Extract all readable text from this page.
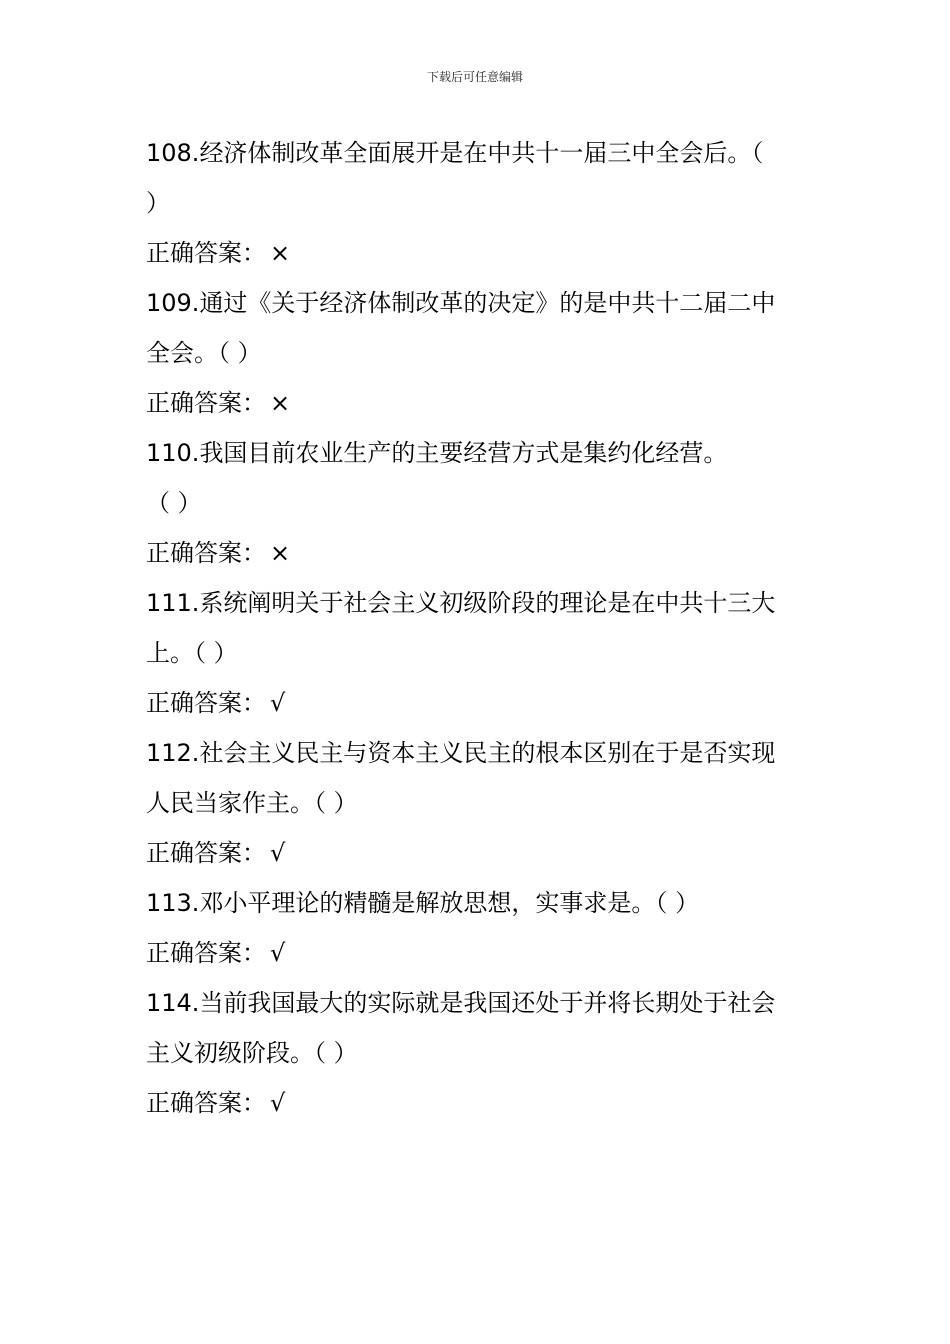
下载后可任意编辑
108.经济体制改革全面展开是在中共十一届三中全会后。（
）
正确答案： ×
109.通过《关于经济体制改革的决定》的是中共十二届二中
全会。（ ）
正确答案： ×
110.我国目前农业生产的主要经营方式是集约化经营。
（ ）
正确答案： ×
111.系统阐明关于社会主义初级阶段的理论是在中共十三大
上。（ ）
正确答案： √
112.社会主义民主与资本主义民主的根本区别在于是否实现
人民当家作主。（ ）
正确答案： √
113.邓小平理论的精髓是解放思想，实事求是。（ ）
正确答案： √
114.当前我国最大的实际就是我国还处于并将长期处于社会
主义初级阶段。（ ）
正确答案： √
